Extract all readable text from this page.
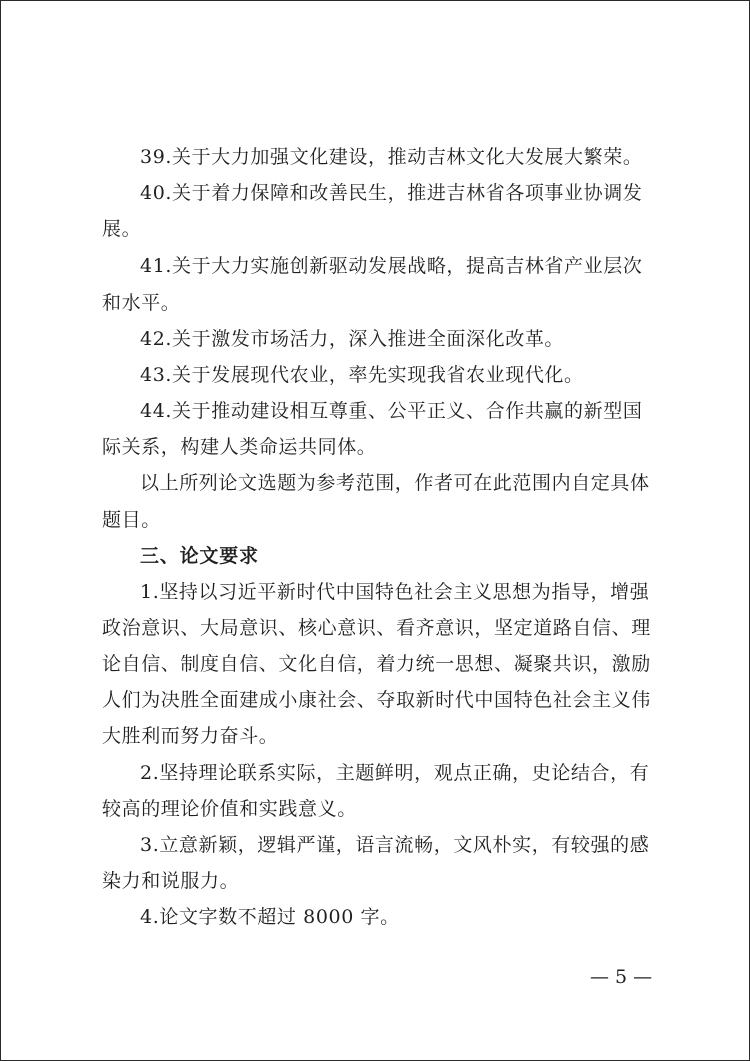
39.关于大力加强文化建设，推动吉林文化大发展大繁荣。
40.关于着力保障和改善民生，推进吉林省各项事业协调发
展。
41.关于大力实施创新驱动发展战略，提高吉林省产业层次
和水平。
42.关于激发市场活力，深入推进全面深化改革。
43.关于发展现代农业，率先实现我省农业现代化。
44.关于推动建设相互尊重、公平正义、合作共赢的新型国
际关系，构建人类命运共同体。
以上所列论文选题为参考范围，作者可在此范围内自定具体
题目。
三、论文要求
1.坚持以习近平新时代中国特色社会主义思想为指导，增强
政治意识、大局意识、核心意识、看齐意识，坚定道路自信、理
论自信、制度自信、文化自信，着力统一思想、凝聚共识，激励
人们为决胜全面建成小康社会、夺取新时代中国特色社会主义伟
大胜利而努力奋斗。
2.坚持理论联系实际，主题鲜明，观点正确，史论结合，有
较高的理论价值和实践意义。
3.立意新颖，逻辑严谨，语言流畅，文风朴实，有较强的感
染力和说服力。
4.论文字数不超过 8000 字。
— 5 —
